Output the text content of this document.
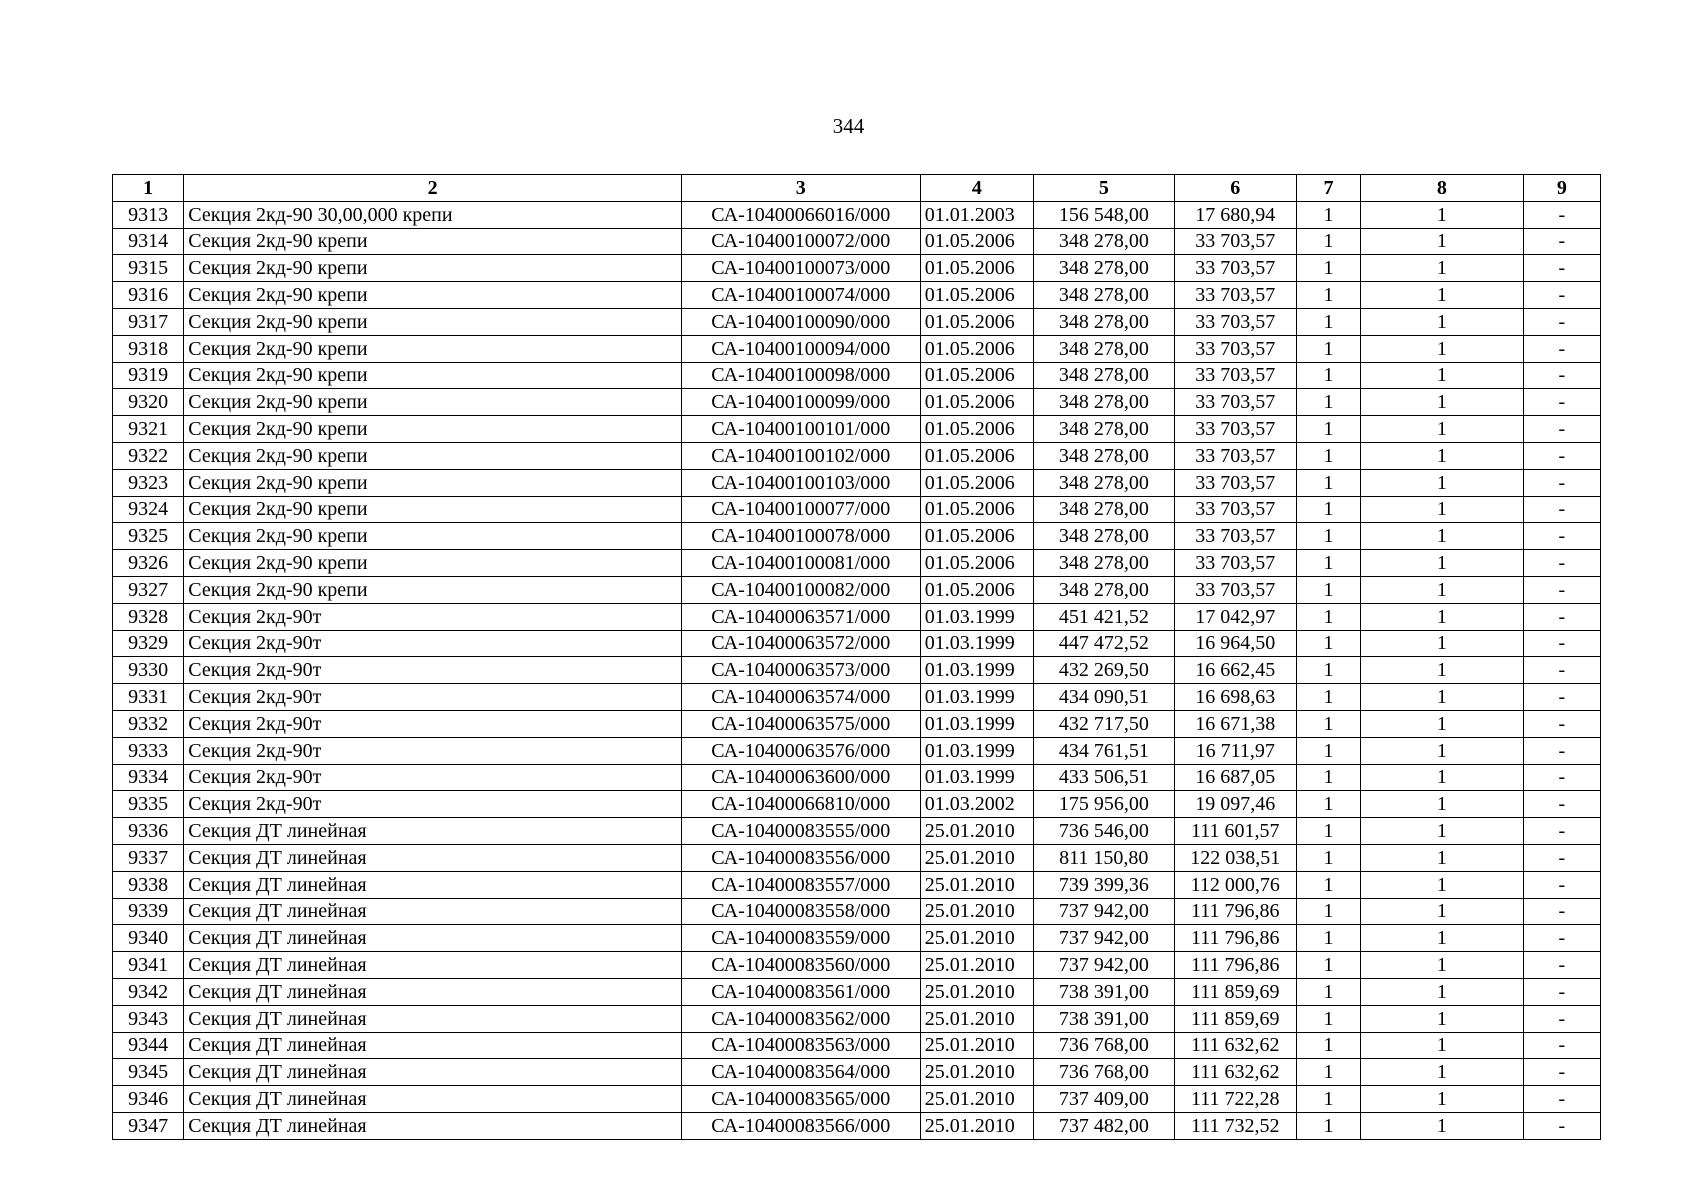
344
1	2	3	4	5	6	7	8	9
9313	Секция 2кд-90 30,00,000 крепи	СА-10400066016/000	01.01.2003	156 548,00	17 680,94	1	1	-
9314	Секция 2кд-90 крепи	СА-10400100072/000	01.05.2006	348 278,00	33 703,57	1	1	-
9315	Секция 2кд-90 крепи	СА-10400100073/000	01.05.2006	348 278,00	33 703,57	1	1	-
9316	Секция 2кд-90 крепи	СА-10400100074/000	01.05.2006	348 278,00	33 703,57	1	1	-
9317	Секция 2кд-90 крепи	СА-10400100090/000	01.05.2006	348 278,00	33 703,57	1	1	-
9318	Секция 2кд-90 крепи	СА-10400100094/000	01.05.2006	348 278,00	33 703,57	1	1	-
9319	Секция 2кд-90 крепи	СА-10400100098/000	01.05.2006	348 278,00	33 703,57	1	1	-
9320	Секция 2кд-90 крепи	СА-10400100099/000	01.05.2006	348 278,00	33 703,57	1	1	-
9321	Секция 2кд-90 крепи	СА-10400100101/000	01.05.2006	348 278,00	33 703,57	1	1	-
9322	Секция 2кд-90 крепи	СА-10400100102/000	01.05.2006	348 278,00	33 703,57	1	1	-
9323	Секция 2кд-90 крепи	СА-10400100103/000	01.05.2006	348 278,00	33 703,57	1	1	-
9324	Секция 2кд-90 крепи	СА-10400100077/000	01.05.2006	348 278,00	33 703,57	1	1	-
9325	Секция 2кд-90 крепи	СА-10400100078/000	01.05.2006	348 278,00	33 703,57	1	1	-
9326	Секция 2кд-90 крепи	СА-10400100081/000	01.05.2006	348 278,00	33 703,57	1	1	-
9327	Секция 2кд-90 крепи	СА-10400100082/000	01.05.2006	348 278,00	33 703,57	1	1	-
9328	Секция 2кд-90т	СА-10400063571/000	01.03.1999	451 421,52	17 042,97	1	1	-
9329	Секция 2кд-90т	СА-10400063572/000	01.03.1999	447 472,52	16 964,50	1	1	-
9330	Секция 2кд-90т	СА-10400063573/000	01.03.1999	432 269,50	16 662,45	1	1	-
9331	Секция 2кд-90т	СА-10400063574/000	01.03.1999	434 090,51	16 698,63	1	1	-
9332	Секция 2кд-90т	СА-10400063575/000	01.03.1999	432 717,50	16 671,38	1	1	-
9333	Секция 2кд-90т	СА-10400063576/000	01.03.1999	434 761,51	16 711,97	1	1	-
9334	Секция 2кд-90т	СА-10400063600/000	01.03.1999	433 506,51	16 687,05	1	1	-
9335	Секция 2кд-90т	СА-10400066810/000	01.03.2002	175 956,00	19 097,46	1	1	-
9336	Секция ДТ линейная	СА-10400083555/000	25.01.2010	736 546,00	111 601,57	1	1	-
9337	Секция ДТ линейная	СА-10400083556/000	25.01.2010	811 150,80	122 038,51	1	1	-
9338	Секция ДТ линейная	СА-10400083557/000	25.01.2010	739 399,36	112 000,76	1	1	-
9339	Секция ДТ линейная	СА-10400083558/000	25.01.2010	737 942,00	111 796,86	1	1	-
9340	Секция ДТ линейная	СА-10400083559/000	25.01.2010	737 942,00	111 796,86	1	1	-
9341	Секция ДТ линейная	СА-10400083560/000	25.01.2010	737 942,00	111 796,86	1	1	-
9342	Секция ДТ линейная	СА-10400083561/000	25.01.2010	738 391,00	111 859,69	1	1	-
9343	Секция ДТ линейная	СА-10400083562/000	25.01.2010	738 391,00	111 859,69	1	1	-
9344	Секция ДТ линейная	СА-10400083563/000	25.01.2010	736 768,00	111 632,62	1	1	-
9345	Секция ДТ линейная	СА-10400083564/000	25.01.2010	736 768,00	111 632,62	1	1	-
9346	Секция ДТ линейная	СА-10400083565/000	25.01.2010	737 409,00	111 722,28	1	1	-
9347	Секция ДТ линейная	СА-10400083566/000	25.01.2010	737 482,00	111 732,52	1	1	-
